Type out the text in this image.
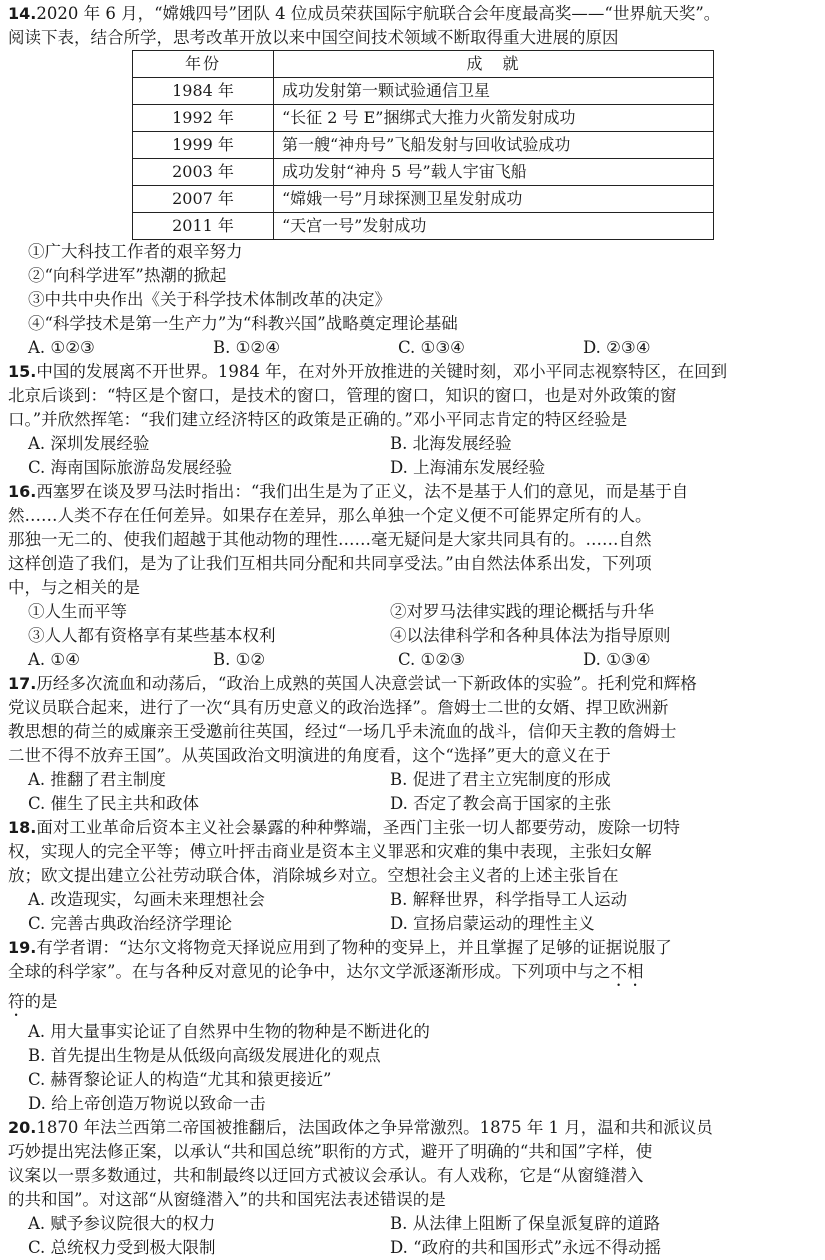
14. 2020 年 6 月，“嫦娥四号”团队 4 位成员荣获国际宇航联合会年度最高奖——“世界航天奖”。
阅读下表，结合所学，思考改革开放以来中国空间技术领域不断取得重大进展的原因
年份	成　就
1984 年	成功发射第一颗试验通信卫星
1992 年	“长征 2 号 E”捆绑式大推力火箭发射成功
1999 年	第一艘“神舟号”飞船发射与回收试验成功
2003 年	成功发射“神舟 5 号”载人宇宙飞船
2007 年	“嫦娥一号”月球探测卫星发射成功
2011 年	“天宫一号”发射成功
①广大科技工作者的艰辛努力
②“向科学进军”热潮的掀起
③中共中央作出《关于科学技术体制改革的决定》
④“科学技术是第一生产力”为“科教兴国”战略奠定理论基础
A. ①②③	B. ①②④	C. ①③④	D. ②③④
15. 中国的发展离不开世界。1984 年，在对外开放推进的关键时刻，邓小平同志视察特区，在回到
北京后谈到：“特区是个窗口，是技术的窗口，管理的窗口，知识的窗口，也是对外政策的窗
口。”并欣然挥笔：“我们建立经济特区的政策是正确的。”邓小平同志肯定的特区经验是
A. 深圳发展经验	B. 北海发展经验
C. 海南国际旅游岛发展经验	D. 上海浦东发展经验
16. 西塞罗在谈及罗马法时指出：“我们出生是为了正义，法不是基于人们的意见，而是基于自
然……人类不存在任何差异。如果存在差异，那么单独一个定义便不可能界定所有的人。
那独一无二的、使我们超越于其他动物的理性……毫无疑问是大家共同具有的。……自然
这样创造了我们，是为了让我们互相共同分配和共同享受法。”由自然法体系出发，下列项
中，与之相关的是
①人生而平等	②对罗马法律实践的理论概括与升华
③人人都有资格享有某些基本权利	④以法律科学和各种具体法为指导原则
A. ①④	B. ①②	C. ①②③	D. ①③④
17. 历经多次流血和动荡后，“政治上成熟的英国人决意尝试一下新政体的实验”。托利党和辉格
党议员联合起来，进行了一次“具有历史意义的政治选择”。詹姆士二世的女婿、捍卫欧洲新
教思想的荷兰的威廉亲王受邀前往英国，经过“一场几乎未流血的战斗，信仰天主教的詹姆士
二世不得不放弃王国”。从英国政治文明演进的角度看，这个“选择”更大的意义在于
A. 推翻了君主制度	B. 促进了君主立宪制度的形成
C. 催生了民主共和政体	D. 否定了教会高于国家的主张
18. 面对工业革命后资本主义社会暴露的种种弊端，圣西门主张一切人都要劳动，废除一切特
权，实现人的完全平等；傅立叶抨击商业是资本主义罪恶和灾难的集中表现，主张妇女解
放；欧文提出建立公社劳动联合体，消除城乡对立。空想社会主义者的上述主张旨在
A. 改造现实，勾画未来理想社会	B. 解释世界，科学指导工人运动
C. 完善古典政治经济学理论	D. 宣扬启蒙运动的理性主义
19. 有学者谓：“达尔文将物竞天择说应用到了物种的变异上，并且掌握了足够的证据说服了
全球的科学家”。在与各种反对意见的论争中，达尔文学派逐渐形成。下列项中与之不相
符的是
A. 用大量事实论证了自然界中生物的物种是不断进化的
B. 首先提出生物是从低级向高级发展进化的观点
C. 赫胥黎论证人的构造“尤其和猿更接近”
D. 给上帝创造万物说以致命一击
20. 1870 年法兰西第二帝国被推翻后，法国政体之争异常激烈。1875 年 1 月，温和共和派议员
巧妙提出宪法修正案，以承认“共和国总统”职衔的方式，避开了明确的“共和国”字样，使
议案以一票多数通过，共和制最终以迂回方式被议会承认。有人戏称，它是“从窗缝潜入
的共和国”。对这部“从窗缝潜入”的共和国宪法表述错误的是
A. 赋予参议院很大的权力	B. 从法律上阻断了保皇派复辟的道路
C. 总统权力受到极大限制	D. “政府的共和国形式”永远不得动摇
